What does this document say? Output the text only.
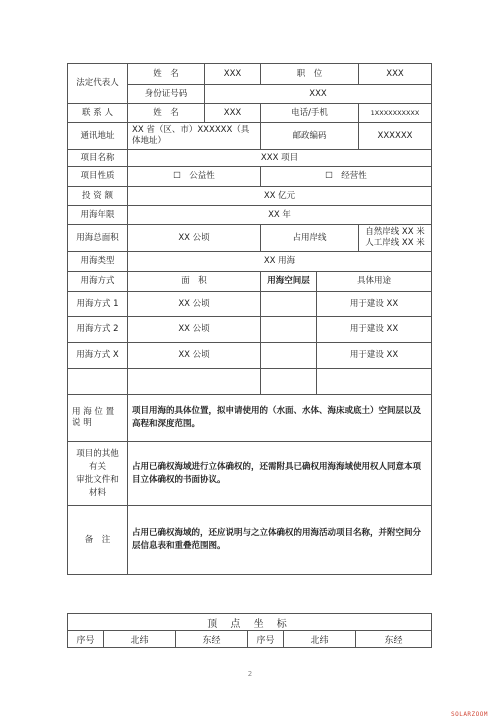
法定代表人	姓　名	XXX	职　位		XXX
	身份证号码	XXX			
联 系 人	姓　名	XXX	电话/手机		1XXXXXXXXXX
通讯地址	XX 省（区、市）XXXXXX（具体地址）		邮政编码		XXXXXX
项目名称	XXX 项目				
项目性质	☐　公益性		☐　经营性		
投 资 额	XX 亿元				
用海年限	XX 年				
用海总面积	XX 公顷		占用岸线		自然岸线 XX 米
人工岸线 XX 米

用海类型	XX 用海				
用海方式	面　积		用海空间层	具体用途	
用海方式 1	XX 公顷			用于建设 XX	
用海方式 2	XX 公顷			用于建设 XX	
用海方式 X	XX 公顷			用于建设 XX	

用 海 位 置 说 明	项目用海的具体位置，拟申请使用的（水面、水体、海床或底土）空间层以及高程和深度范围。				

项目的其他
有关
审批文件和
材料	占用已确权海域进行立体确权的，还需附具已确权用海海域使用权人同意本项目立体确权的书面协议。				
备　注	占用已确权海域的，还应说明与之立体确权的用海活动项目名称，并附空间分层信息表和重叠范围图。				
顶 点 坐 标
序号	北纬	东经	序号	北纬	东经
2
SOLARZOOM
